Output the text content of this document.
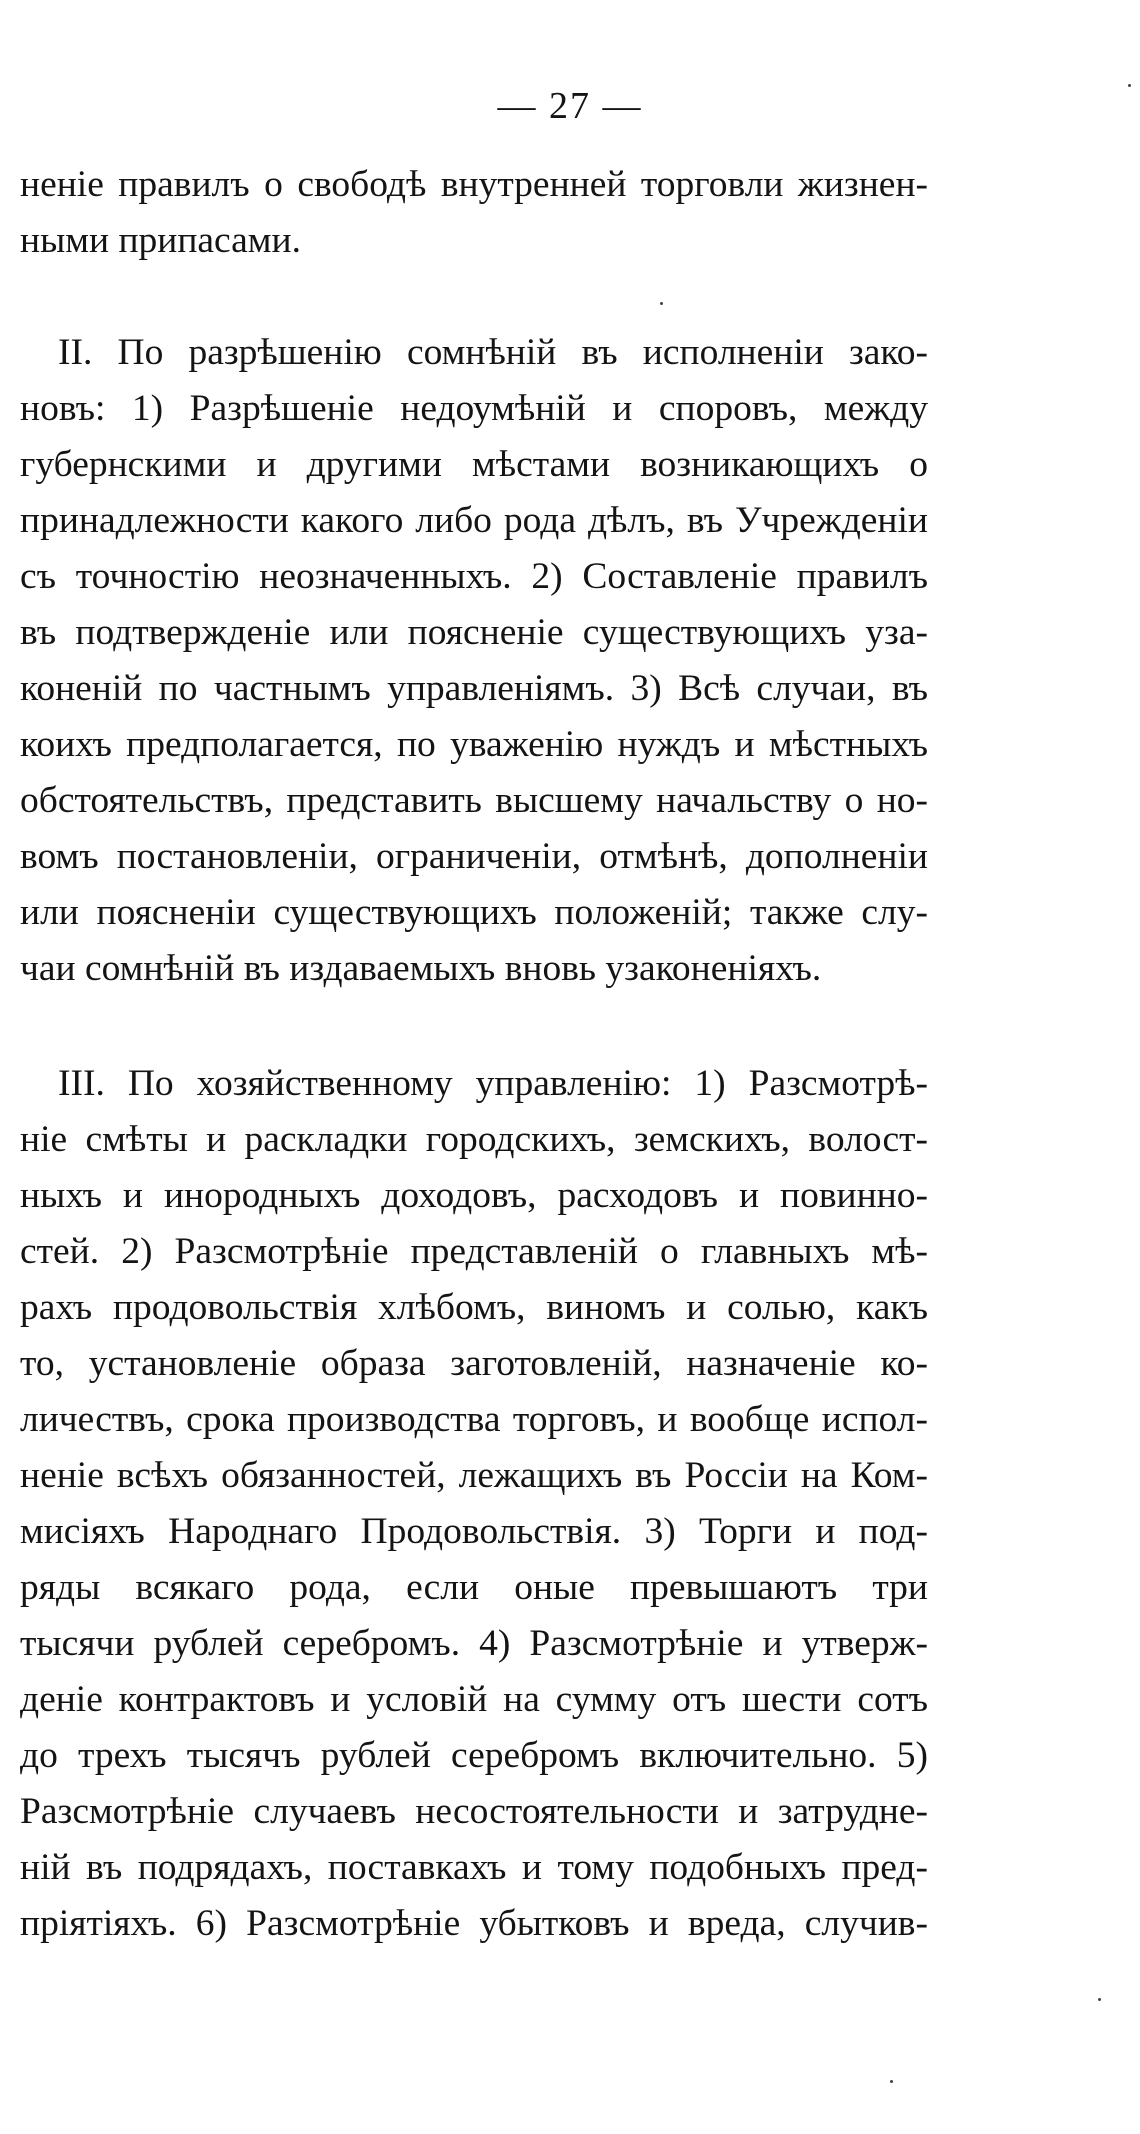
— 27 —
неніе правилъ о свободѣ внутренней торговли жизнен-
ными припасами.
II. По разрѣшенію сомнѣній въ исполненіи зако-
новъ: 1) Разрѣшеніе недоумѣній и споровъ, между
губернскими и другими мѣстами возникающихъ о
принадлежности какого либо рода дѣлъ, въ Учрежденіи
съ точностію неозначенныхъ. 2) Составленіе правилъ
въ подтвержденіе или поясненіе существующихъ уза-
коненій по частнымъ управленіямъ. 3) Всѣ случаи, въ
коихъ предполагается, по уваженію нуждъ и мѣстныхъ
обстоятельствъ, представить высшему начальству о но-
вомъ постановленіи, ограниченіи, отмѣнѣ, дополненіи
или поясненіи существующихъ положеній; также слу-
чаи сомнѣній въ издаваемыхъ вновь узаконеніяхъ.
III. По хозяйственному управленію: 1) Разсмотрѣ-
ніе смѣты и раскладки городскихъ, земскихъ, волост-
ныхъ и инородныхъ доходовъ, расходовъ и повинно-
стей. 2) Разсмотрѣніе представленій о главныхъ мѣ-
рахъ продовольствія хлѣбомъ, виномъ и солью, какъ
то, установленіе образа заготовленій, назначеніе ко-
личествъ, срока производства торговъ, и вообще испол-
неніе всѣхъ обязанностей, лежащихъ въ Россіи на Ком-
мисіяхъ Народнаго Продовольствія. 3) Торги и под-
ряды всякаго рода, если оные превышаютъ три
тысячи рублей серебромъ. 4) Разсмотрѣніе и утверж-
деніе контрактовъ и условій на сумму отъ шести сотъ
до трехъ тысячъ рублей серебромъ включительно. 5)
Разсмотрѣніе случаевъ несостоятельности и затрудне-
ній въ подрядахъ, поставкахъ и тому подобныхъ пред-
пріятіяхъ. 6) Разсмотрѣніе убытковъ и вреда, случив-
